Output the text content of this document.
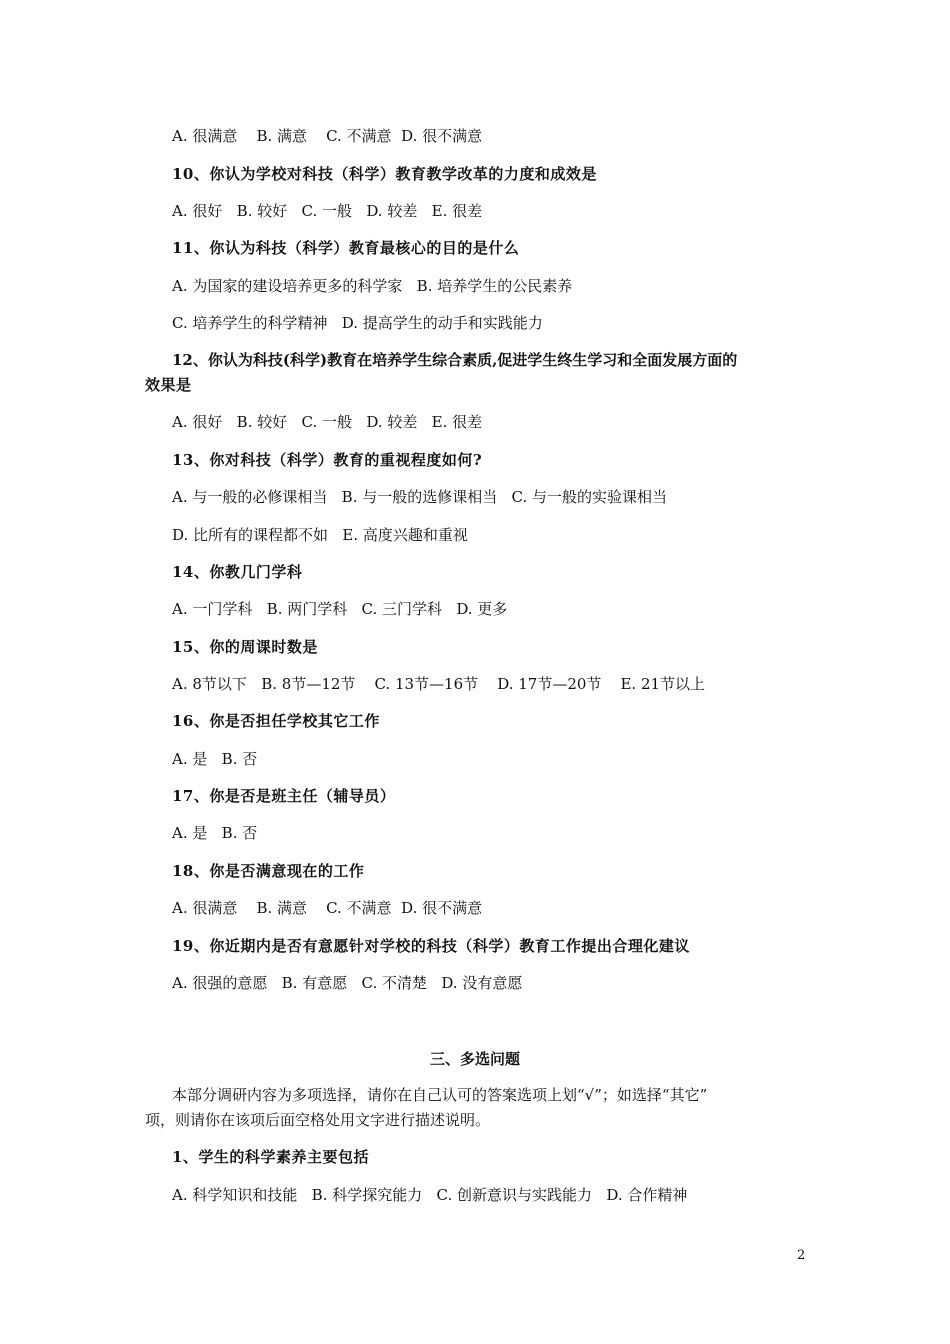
A. 很满意    B. 满意    C. 不满意  D. 很不满意
10、你认为学校对科技（科学）教育教学改革的力度和成效是
A. 很好   B. 较好   C. 一般   D. 较差   E. 很差
11、你认为科技（科学）教育最核心的目的是什么
A. 为国家的建设培养更多的科学家   B. 培养学生的公民素养
C. 培养学生的科学精神   D. 提高学生的动手和实践能力
12、你认为科技(科学)教育在培养学生综合素质,促进学生终生学习和全面发展方面的
效果是
A. 很好   B. 较好   C. 一般   D. 较差   E. 很差
13、你对科技（科学）教育的重视程度如何?
A. 与一般的必修课相当   B. 与一般的选修课相当   C. 与一般的实验课相当
D. 比所有的课程都不如   E. 高度兴趣和重视
14、你教几门学科
A. 一门学科   B. 两门学科   C. 三门学科   D. 更多
15、你的周课时数是
A. 8节以下   B. 8节—12节    C. 13节—16节    D. 17节—20节    E. 21节以上
16、你是否担任学校其它工作
A. 是   B. 否
17、你是否是班主任（辅导员）
A. 是   B. 否
18、你是否满意现在的工作
A. 很满意    B. 满意    C. 不满意  D. 很不满意
19、你近期内是否有意愿针对学校的科技（科学）教育工作提出合理化建议
A. 很强的意愿   B. 有意愿   C. 不清楚   D. 没有意愿
三、多选问题
本部分调研内容为多项选择，请你在自己认可的答案选项上划“√”；如选择“其它”
项，则请你在该项后面空格处用文字进行描述说明。
1、学生的科学素养主要包括
A. 科学知识和技能   B. 科学探究能力   C. 创新意识与实践能力   D. 合作精神
2
